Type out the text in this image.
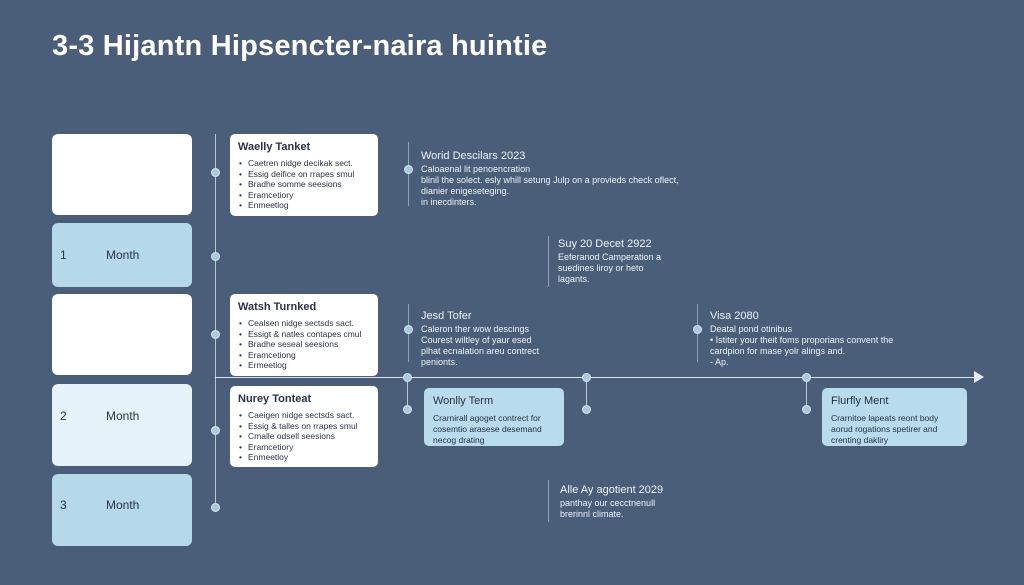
3-3 Hijantn Hipsencter-naira huintie
1	Month
2	Month
3	Month
Waelly Tanket
• Caetren nidge decikak sect.
• Essig deifice on rrapes smul
• Bradhe somme seesions
• Eramcetiory
• Enmeetlog
Watsh Turnked
• Cealsen nidge sectsds sact.
• Essigt & natles contapes cmul
• Bradhe seseal seesions
• Eramcetiong
• Ermeetiog
Nurey Tonteat
• Caeigen nidge sectsds sact.
• Essig & talles on rrapes smul
• Cmalle odsell seesions
• Eramcetiory
• Enmeetloy
Worid Descilars 2023
Caloaenal lit penoencration
blinil the solect. esly whill setung Julp on a provieds check oflect,
dianier enigeseteging.
in inecdinters.
Suy 20 Decet 2922
Eeferanod Camperation a
suedines liroy or heto
lagants.
Jesd Tofer
Caleron ther wow descings
Courest wiltley of yaur esed
plhat ecnalation areu contrect
penionts.
Visa 2080
Deatal pond otinibus
• Istiter your theit foms proporians convent the
cardpion for mase yolr alings and.
- Ap.
Alle Ay agotient 2029
panthay our cecctnenull
brerinnl climate.
Wonlly Term
Crarnirall agoget contrect for
cosemtio arasese desemand
necog drating
Flurfly Ment
Crarnitoe lapeats reont body
aorud rogations spetirer and
crenting dakliry
